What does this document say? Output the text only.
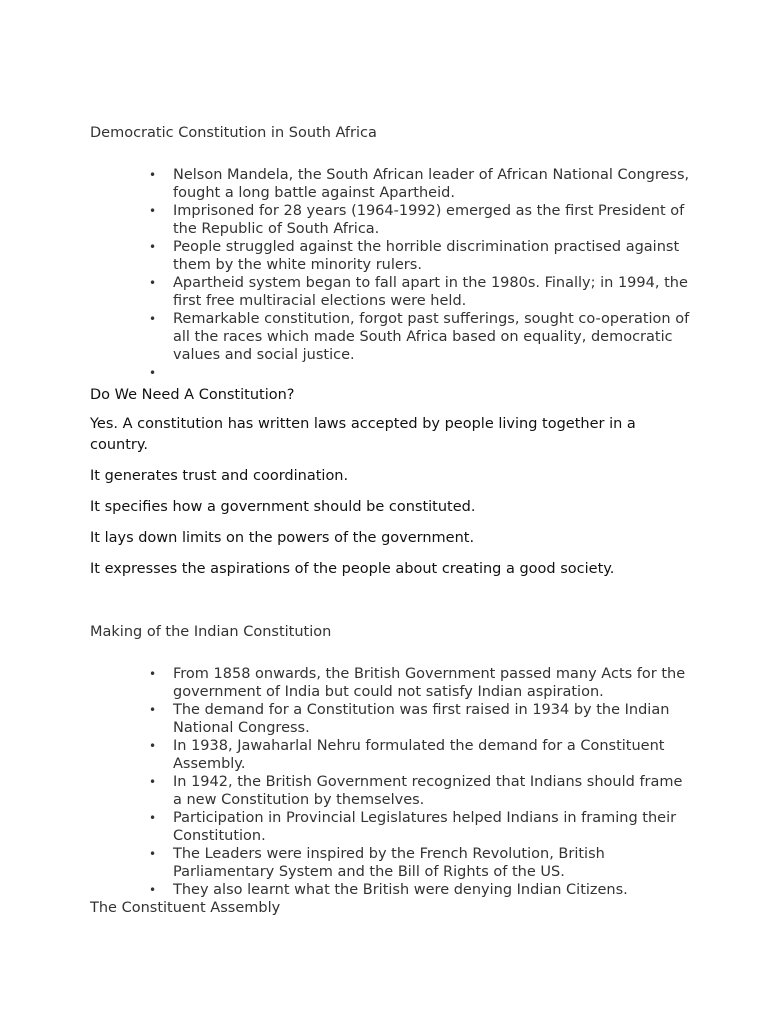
Democratic Constitution in South Africa
• Nelson Mandela, the South African leader of African National Congress, fought a long battle against Apartheid.
• Imprisoned for 28 years (1964-1992) emerged as the first President of the Republic of South Africa.
• People struggled against the horrible discrimination practised against them by the white minority rulers.
• Apartheid system began to fall apart in the 1980s. Finally; in 1994, the first free multiracial elections were held.
• Remarkable constitution, forgot past sufferings, sought co-operation of all the races which made South Africa based on equality, democratic values and social justice.
•
Do We Need A Constitution?

Yes. A constitution has written laws accepted by people living together in a country.

It generates trust and coordination.

It specifies how a government should be constituted.

It lays down limits on the powers of the government.

It expresses the aspirations of the people about creating a good society.

Making of the Indian Constitution
• From 1858 onwards, the British Government passed many Acts for the government of India but could not satisfy Indian aspiration.
• The demand for a Constitution was first raised in 1934 by the Indian National Congress.
• In 1938, Jawaharlal Nehru formulated the demand for a Constituent Assembly.
• In 1942, the British Government recognized that Indians should frame a new Constitution by themselves.
• Participation in Provincial Legislatures helped Indians in framing their Constitution.
• The Leaders were inspired by the French Revolution, British Parliamentary System and the Bill of Rights of the US.
• They also learnt what the British were denying Indian Citizens.
The Constituent Assembly
